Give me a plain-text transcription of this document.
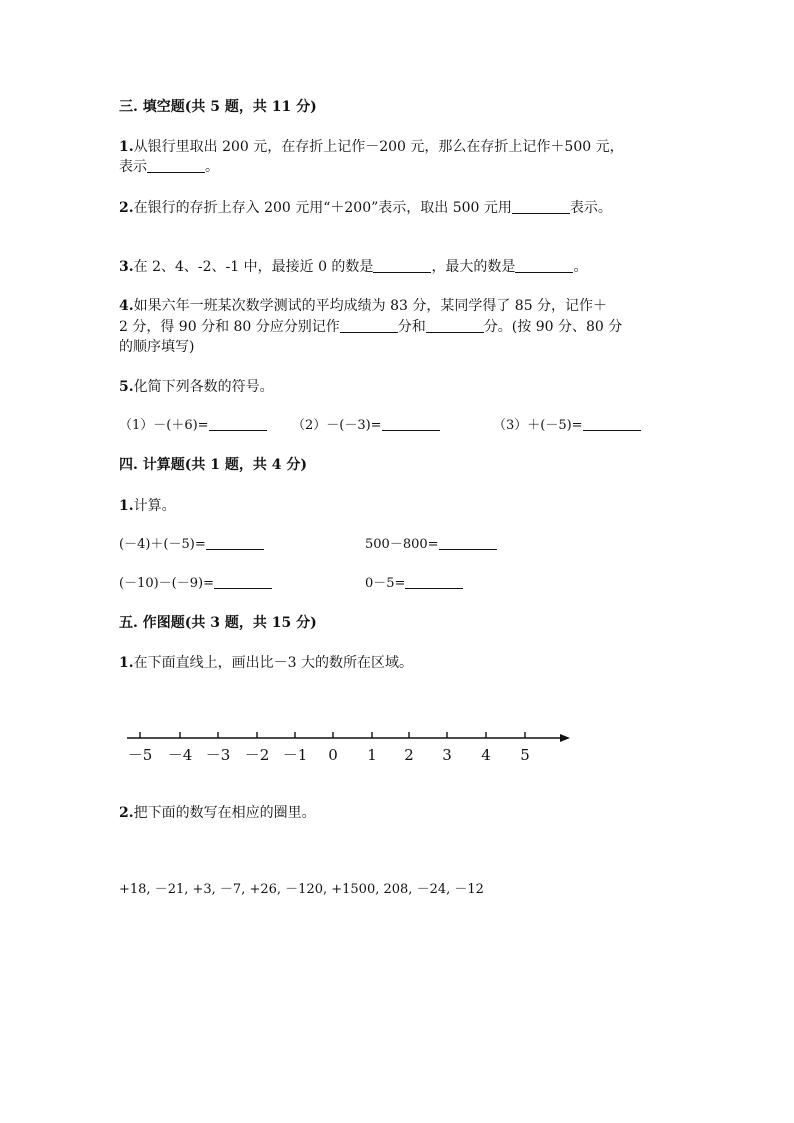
三. 填空题(共 5 题，共 11 分)
1.从银行里取出 200 元，在存折上记作－200 元，那么在存折上记作＋500 元，
表示	。
2.在银行的存折上存入 200 元用“＋200”表示，取出 500 元用	表示。
3.在 2、4、-2、-1 中，最接近 0 的数是	，最大的数是	。
4.如果六年一班某次数学测试的平均成绩为 83 分，某同学得了 85 分，记作＋
2 分，得 90 分和 80 分应分别记作	分和	分。(按 90 分、80 分
的顺序填写)
5.化简下列各数的符号。
（1）－(＋6)=	（2）－(－3)=	（3）＋(－5)=
四. 计算题(共 1 题，共 4 分)
1.计算。
(－4)＋(－5)=	500－800=
(－10)－(－9)=	0－5=
五. 作图题(共 3 题，共 15 分)
1.在下面直线上，画出比－3 大的数所在区域。
－5 －4 －3 －2 －1 0 1 2 3 4 5
2.把下面的数写在相应的圈里。
+18, －21, +3, －7, +26, －120, +1500, 208, －24, －12
